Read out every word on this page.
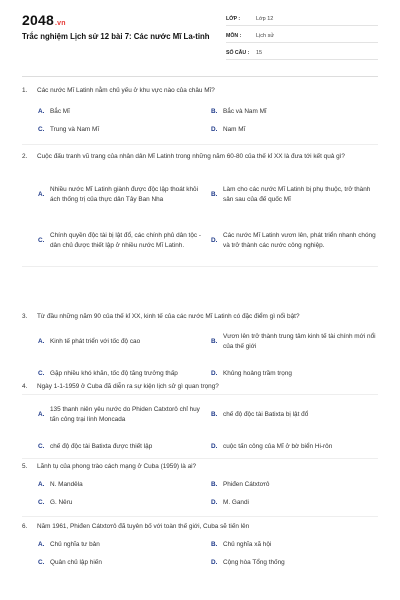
2048.vn
Trắc nghiệm Lịch sử 12 bài 7: Các nước Mĩ La-tinh
LỚP :	Lớp 12
MÔN :	Lịch sử
SỐ CÂU :	15
1.	Các nước Mĩ Latinh nằm chủ yếu ở khu vực nào của châu Mĩ?
A. Bắc Mĩ	B. Bắc và Nam Mĩ
C. Trung và Nam Mĩ	D. Nam Mĩ
2.	Cuộc đấu tranh vũ trang của nhân dân Mĩ Latinh trong những năm 60-80 của thế kỉ XX là đưa tới kết quả gì?
A.
Nhiều nước Mĩ Latinh giành được độc lập thoát khỏi ách thống trị của thực dân Tây Ban Nha
B.
Làm cho các nước Mĩ Latinh bị phụ thuộc, trở thành sân sau của đế quốc Mĩ
C.
Chính quyền độc tài bị lật đổ, các chính phủ dân tộc - dân chủ được thiết lập ở nhiều nước Mĩ Latinh.
D.
Các nước Mĩ Latinh vươn lên, phát triển nhanh chóng và trở thành các nước công nghiệp.
3.	Từ đầu những năm 90 của thế kỉ XX, kinh tế của các nước Mĩ Latinh có đặc điểm gì nổi bật?
A. Kinh tế phát triển với tốc độ cao	B.
Vươn lên trở thành trung tâm kinh tế tài chính mới nổi của thế giới
C. Gặp nhiều khó khăn, tốc độ tăng trưởng thấp	D. Khủng hoảng trầm trọng
4.	Ngày 1-1-1959 ở Cuba đã diễn ra sự kiện lịch sử gì quan trọng?
A.
135 thanh niên yêu nước do Phiden Catxtorô chỉ huy tấn công trại lính Moncada
B. chế độ độc tài Batixta bị lật đổ
C. chế độ độc tài Batixta được thiết lập	D. cuộc tấn công của Mĩ ở bờ biển Hi-rôn
5.	Lãnh tụ của phong trào cách mạng ở Cuba (1959) là ai?
A. N. Mandêla	B. Phiđen Cátxtơrô
C. G. Nêru	D. M. Gandi
6.	Năm 1961, Phiđen Cátxtơrô đã tuyên bố với toàn thế giới, Cuba sẽ tiến lên
A. Chủ nghĩa tư bản	B. Chủ nghĩa xã hội
C. Quân chủ lập hiến	D. Cộng hòa Tổng thống
